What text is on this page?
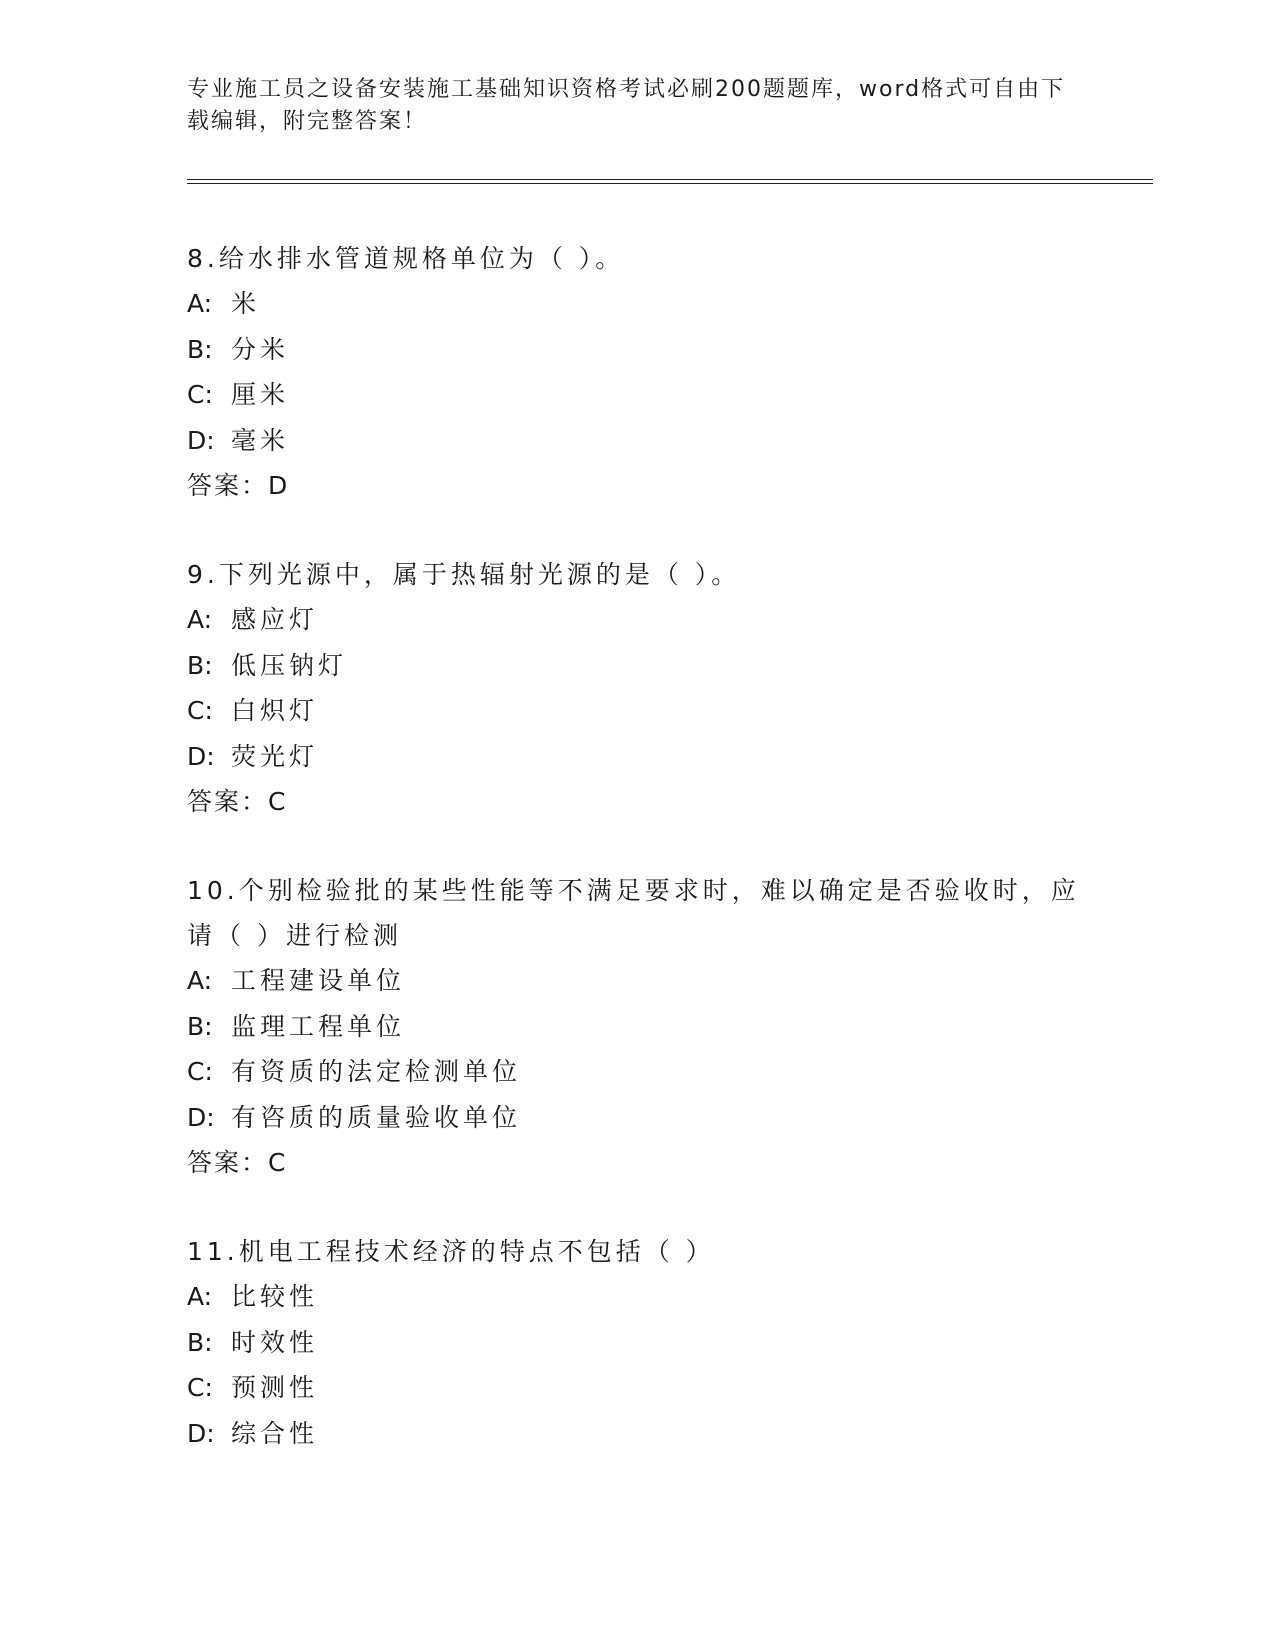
专业施工员之设备安装施工基础知识资格考试必刷200题题库，word格式可自由下载编辑，附完整答案！
8.给水排水管道规格单位为（ ）。
A: 米
B: 分米
C: 厘米
D: 毫米
答案：D
9.下列光源中，属于热辐射光源的是（ ）。
A: 感应灯
B: 低压钠灯
C: 白炽灯
D: 荧光灯
答案：C
10.个别检验批的某些性能等不满足要求时，难以确定是否验收时，应请（ ）进行检测
A: 工程建设单位
B: 监理工程单位
C: 有资质的法定检测单位
D: 有咨质的质量验收单位
答案：C
11.机电工程技术经济的特点不包括（ ）
A: 比较性
B: 时效性
C: 预测性
D: 综合性
